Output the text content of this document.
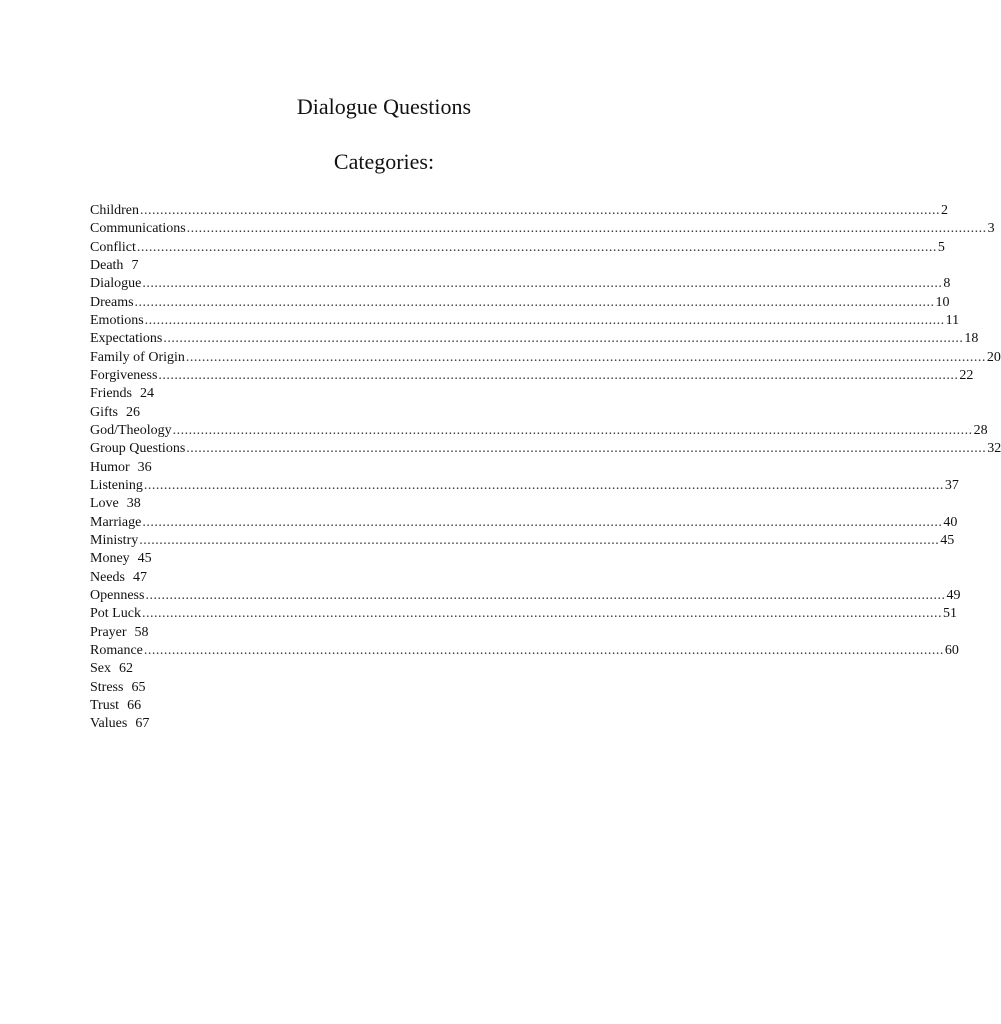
Dialogue Questions
Categories:
Children ........................................................................................................................................................................................................ 2
Communications ........................................................................................................................................................................................................ 3
Conflict ........................................................................................................................................................................................................ 5
Death 7
Dialogue ........................................................................................................................................................................................................ 8
Dreams ........................................................................................................................................................................................................ 10
Emotions ........................................................................................................................................................................................................ 11
Expectations ........................................................................................................................................................................................................ 18
Family of Origin ........................................................................................................................................................................................................ 20
Forgiveness ........................................................................................................................................................................................................ 22
Friends 24
Gifts 26
God/Theology ........................................................................................................................................................................................................ 28
Group Questions ........................................................................................................................................................................................................ 32
Humor 36
Listening ........................................................................................................................................................................................................ 37
Love 38
Marriage ........................................................................................................................................................................................................ 40
Ministry ........................................................................................................................................................................................................ 45
Money 45
Needs 47
Openness ........................................................................................................................................................................................................ 49
Pot Luck ........................................................................................................................................................................................................ 51
Prayer 58
Romance ........................................................................................................................................................................................................ 60
Sex 62
Stress 65
Trust 66
Values 67
